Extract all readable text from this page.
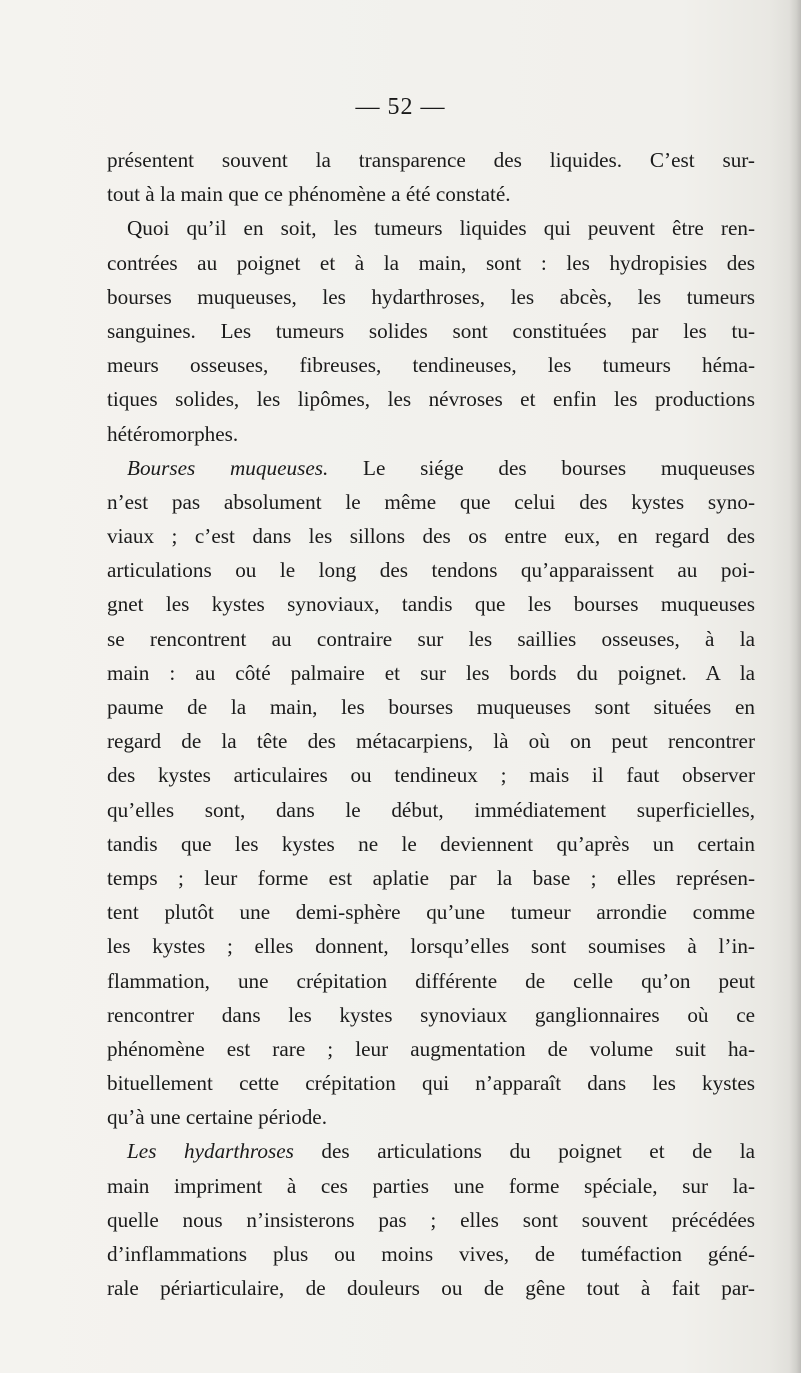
— 52 —
présentent souvent la transparence des liquides. C’est sur-
tout à la main que ce phénomène a été constaté.
Quoi qu’il en soit, les tumeurs liquides qui peuvent être ren-
contrées au poignet et à la main, sont : les hydropisies des
bourses muqueuses, les hydarthroses, les abcès, les tumeurs
sanguines. Les tumeurs solides sont constituées par les tu-
meurs osseuses, fibreuses, tendineuses, les tumeurs héma-
tiques solides, les lipômes, les névroses et enfin les productions
hétéromorphes.
Bourses muqueuses. Le siége des bourses muqueuses
n’est pas absolument le même que celui des kystes syno-
viaux ; c’est dans les sillons des os entre eux, en regard des
articulations ou le long des tendons qu’apparaissent au poi-
gnet les kystes synoviaux, tandis que les bourses muqueuses
se rencontrent au contraire sur les saillies osseuses, à la
main : au côté palmaire et sur les bords du poignet. A la
paume de la main, les bourses muqueuses sont situées en
regard de la tête des métacarpiens, là où on peut rencontrer
des kystes articulaires ou tendineux ; mais il faut observer
qu’elles sont, dans le début, immédiatement superficielles,
tandis que les kystes ne le deviennent qu’après un certain
temps ; leur forme est aplatie par la base ; elles représen-
tent plutôt une demi-sphère qu’une tumeur arrondie comme
les kystes ; elles donnent, lorsqu’elles sont soumises à l’in-
flammation, une crépitation différente de celle qu’on peut
rencontrer dans les kystes synoviaux ganglionnaires où ce
phénomène est rare ; leur augmentation de volume suit ha-
bituellement cette crépitation qui n’apparaît dans les kystes
qu’à une certaine période.
Les hydarthroses des articulations du poignet et de la
main impriment à ces parties une forme spéciale, sur la-
quelle nous n’insisterons pas ; elles sont souvent précédées
d’inflammations plus ou moins vives, de tuméfaction géné-
rale périarticulaire, de douleurs ou de gêne tout à fait par-
